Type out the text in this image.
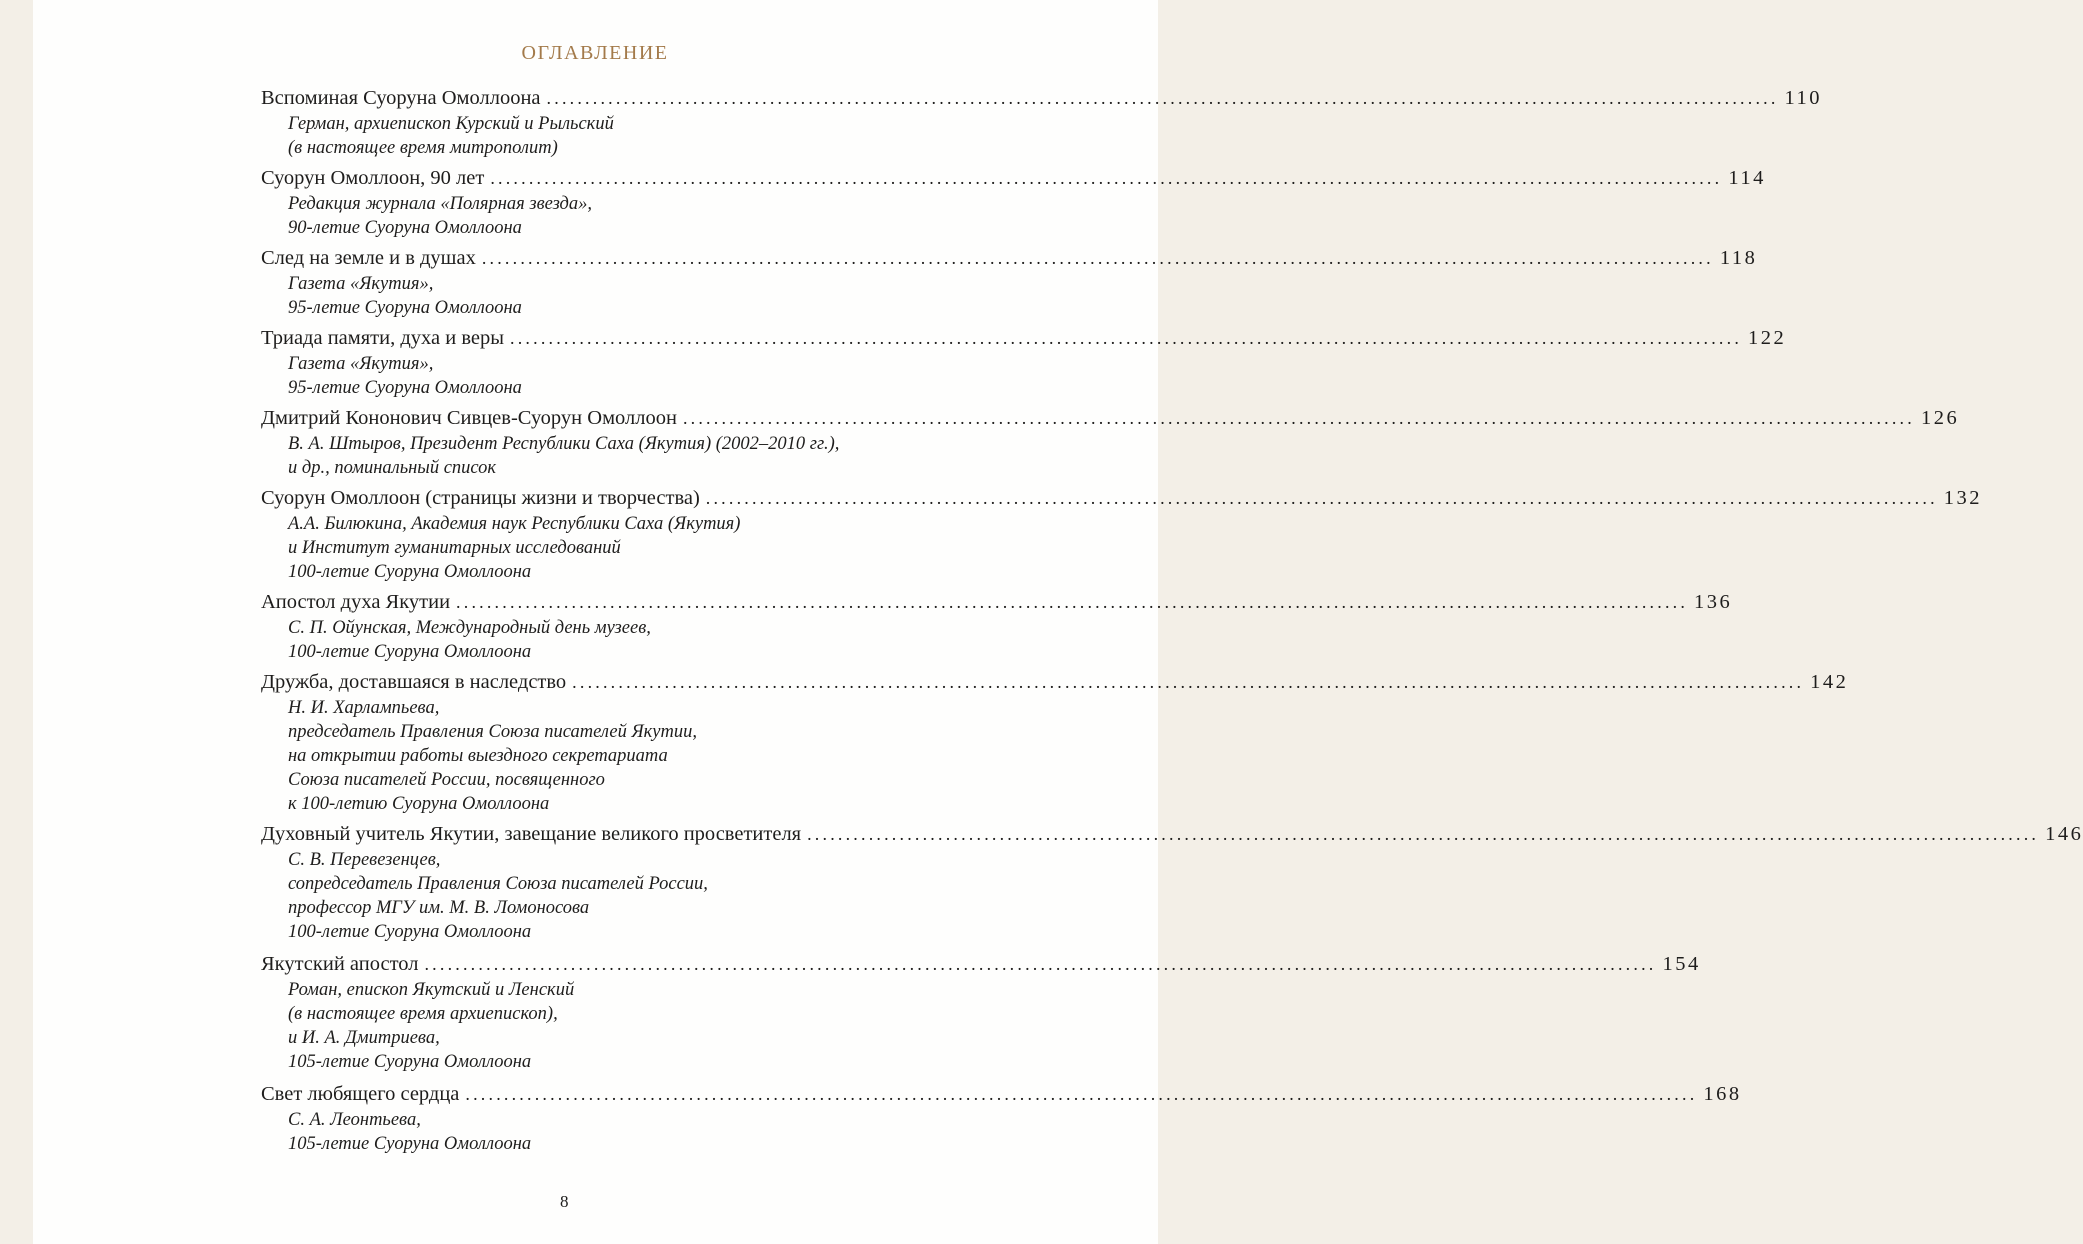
ОГЛАВЛЕНИЕ
Вспоминая Суоруна Омоллоона ................................................................................................................................................................ 110
Герман, архиепископ Курский и Рыльский
(в настоящее время митрополит)
Суорун Омоллоон, 90 лет ................................................................................................................................................................ 114
Редакция журнала «Полярная звезда»,
90-летие Суоруна Омоллоона
След на земле и в душах ................................................................................................................................................................ 118
Газета «Якутия»,
95-летие Суоруна Омоллоона
Триада памяти, духа и веры ................................................................................................................................................................ 122
Газета «Якутия»,
95-летие Суоруна Омоллоона
Дмитрий Кононович Сивцев-Суорун Омоллоон ................................................................................................................................................................ 126
В. А. Штыров, Президент Республики Саха (Якутия) (2002–2010 гг.),
и др., поминальный список
Суорун Омоллоон (страницы жизни и творчества) ................................................................................................................................................................ 132
А.А. Билюкина, Академия наук Республики Саха (Якутия)
и Институт гуманитарных исследований
100-летие Суоруна Омоллоона
Апостол духа Якутии ................................................................................................................................................................ 136
С. П. Ойунская, Международный день музеев,
100-летие Суоруна Омоллоона
Дружба, доставшаяся в наследство ................................................................................................................................................................ 142
Н. И. Харлампьева,
председатель Правления Союза писателей Якутии,
на открытии работы выездного секретариата
Союза писателей России, посвященного
к 100-летию Суоруна Омоллоона
Духовный учитель Якутии, завещание великого просветителя ................................................................................................................................................................ 146
С. В. Перевезенцев,
сопредседатель Правления Союза писателей России,
профессор МГУ им. М. В. Ломоносова
100-летие Суоруна Омоллоона
Якутский апостол ................................................................................................................................................................ 154
Роман, епископ Якутский и Ленский
(в настоящее время архиепископ),
и И. А. Дмитриева,
105-летие Суоруна Омоллоона
Свет любящего сердца ................................................................................................................................................................ 168
С. А. Леонтьева,
105-летие Суоруна Омоллоона
8
